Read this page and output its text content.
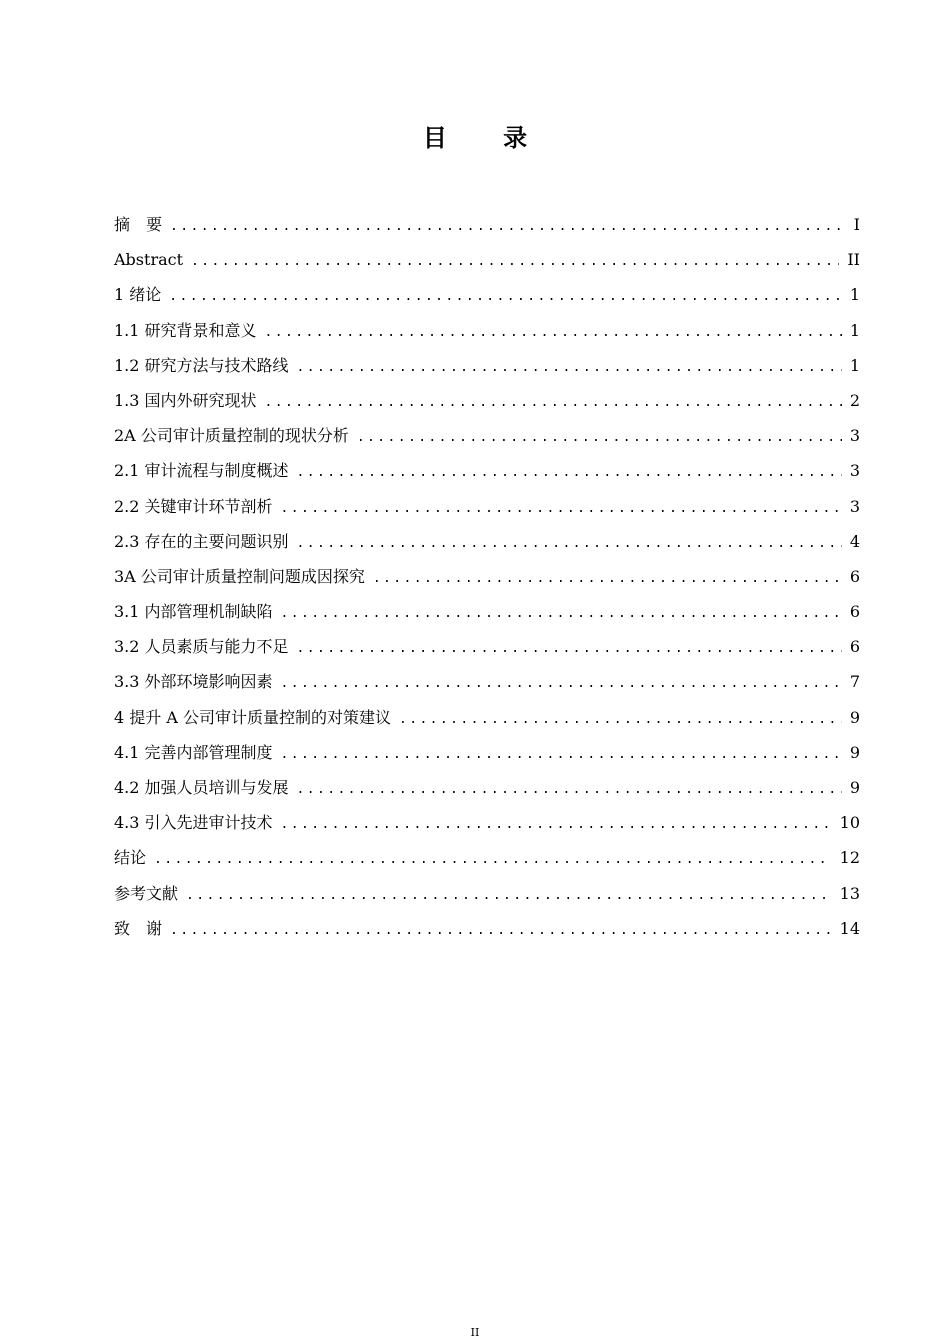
目 录
摘　要 .....	I
Abstract .....	II
1 绪论 .....	1
1.1 研究背景和意义 .....	1
1.2 研究方法与技术路线 .....	1
1.3 国内外研究现状 .....	2
2A 公司审计质量控制的现状分析 .....	3
2.1 审计流程与制度概述 .....	3
2.2 关键审计环节剖析 .....	3
2.3 存在的主要问题识别 .....	4
3A 公司审计质量控制问题成因探究 .....	6
3.1 内部管理机制缺陷 .....	6
3.2 人员素质与能力不足 .....	6
3.3 外部环境影响因素 .....	7
4 提升 A 公司审计质量控制的对策建议 .....	9
4.1 完善内部管理制度 .....	9
4.2 加强人员培训与发展 .....	9
4.3 引入先进审计技术 .....	10
结论 .....	12
参考文献 .....	13
致　谢 .....	14
II
